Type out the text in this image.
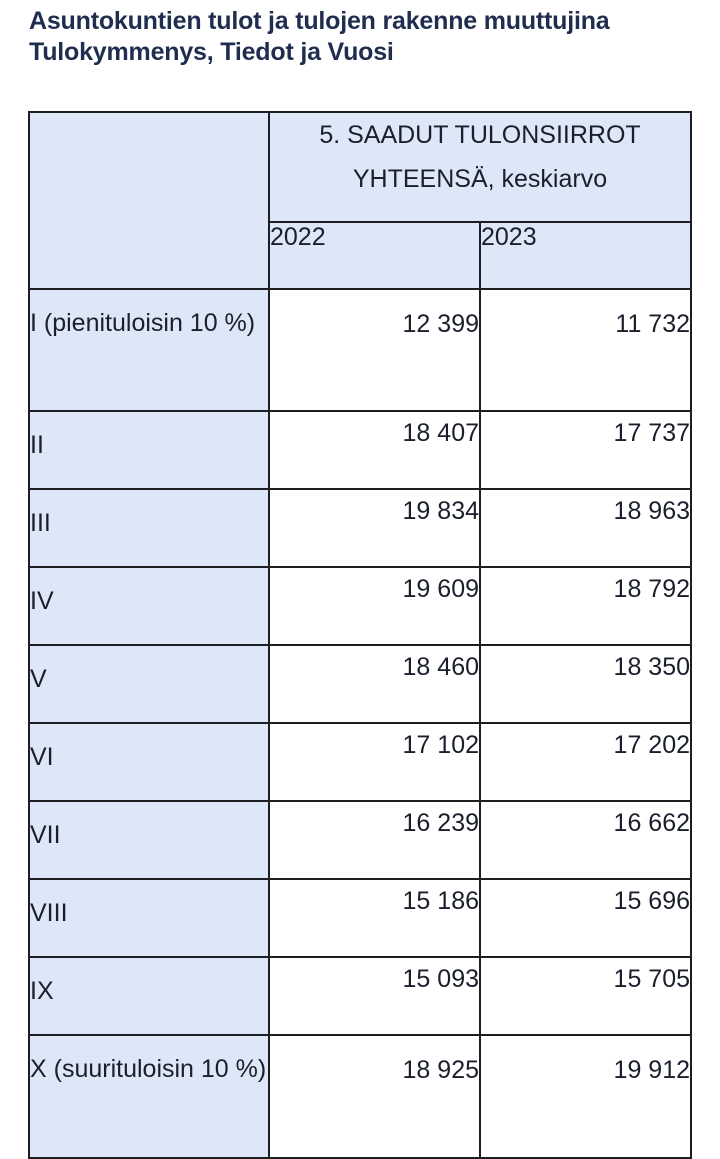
Asuntokuntien tulot ja tulojen rakenne muuttujina
Tulokymmenys, Tiedot ja Vuosi
	5. SAADUT TULONSIIRROT YHTEENSÄ, keskiarvo	
	2022	2023
I (pienituloisin 10 %)	12 399	11 732
II	18 407	17 737
III	19 834	18 963
IV	19 609	18 792
V	18 460	18 350
VI	17 102	17 202
VII	16 239	16 662
VIII	15 186	15 696
IX	15 093	15 705
X (suurituloisin 10 %)	18 925	19 912
